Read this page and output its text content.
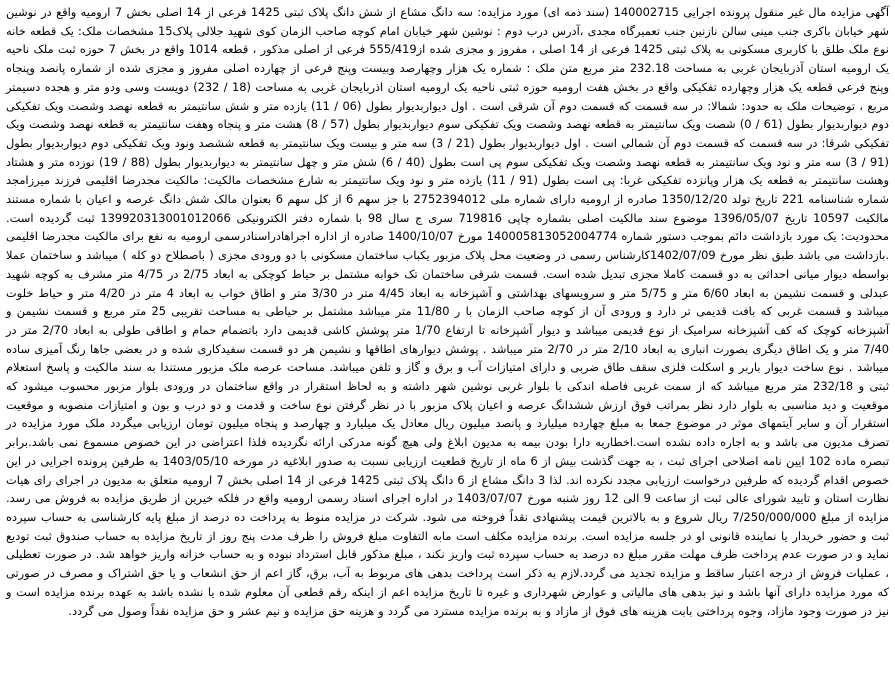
آگهی مزایده مال غیر منقول پرونده اجرایی 140002715 (سند ذمه ای) مورد مزایده: سه دانگ مشاع از شش دانگ پلاک ثبتی 1425 فرعی از 14 اصلی بخش 7 ارومیه واقع در نوشین شهر خیابان باکری جنب مینی سالن نازنین جنب تعمیرگاه مجدی ،آدرس درب دوم : نوشین شهر خیابان امام کوچه صاحب الزمان کوی شهید جلالی پلاک15 مشخصات ملک: یک قطعه خانه نوع ملک طلق با کاربری مسکونی به پلاک ثبتی 1425 فرعی از 14 اصلی ، مفروز و مجزی شده از555/419 فرعی از اصلی مذکور ، قطعه 1014 واقع در بخش 7 حوزه ثبت ملک ناحیه یک ارومیه استان آذربایجان غربی به مساحت 232.18 متر مربع متن ملک : شماره یک هزار وچهارصد وبیست وپنج فرعی از چهارده اصلی مفروز و مجزی شده از شماره پانصد وپنجاه وپنج فرعی قطعه یک هزار وچهارده تفکیکی واقع در بخش هفت ارومیه حوزه ثبتی ناحیه یک ارومیه استان اذربایجان غربی به مساحت (18 / 232) دویست وسی ودو متر و هجده دسیمتر مربع ، توضیحات ملک به حدود: شمالا: در سه قسمت که قسمت دوم آن شرقی است . اول دیواربدیوار بطول (06 / 11) یازده متر و شش سانتیمتر به قطعه نهصد وشصت ویک تفکیکی دوم دیواربدیوار بطول (61 / 0) شصت ویک سانتیمتر به قطعه نهصد وشصت ویک تفکیکی سوم دیواربدیوار بطول (57 / 8) هشت متر و پنجاه وهفت سانتیمتر به قطعه نهصد وشصت ویک تفکیکی شرقا: در سه قسمت که قسمت دوم آن شمالی است . اول دیواربدیوار بطول (21 / 3) سه متر و بیست ویک سانتیمتر به قطعه ششصد ونود ویک تفکیکی دوم دیواربدیوار بطول (91 / 3) سه متر و نود ویک سانتیمتر به قطعه نهصد وشصت ویک تفکیکی سوم پی است بطول (40 / 6) شش متر و چهل سانتیمتر به دیواربدیوار بطول (88 / 19) نوزده متر و هشتاد وهشت سانتیمتر به قطعه یک هزار وپانزده تفکیکی غربا: پی است بطول (91 / 11) یازده متر و نود ویک سانتیمتر به شارع مشخصات مالکیت: مالکیت مجدرضا اقلیمی فرزند میرزامجد شماره شناسنامه 221 تاریخ تولد 1350/12/20 صادره از ارومیه دارای شماره ملی 2752394012 با جز سهم 6 از کل سهم 6 بعنوان مالک شش دانگ عرصه و اعیان با شماره مستند مالکیت 10597 تاریخ 1396/05/07 موضوع سند مالکیت اصلی بشماره چاپی 719816 سری ج سال 98 با شماره دفتر الکترونیکی 139920313001012066 ثبت گردیده است. محدودیت: یک مورد بازداشت دائم بموجب دستور شماره 140005813052004774 مورخ 1400/10/07 صادره از اداره اجراهادراسنادرسمی ارومیه به نفع برای مالکیت مجدرضا اقلیمی .بازداشت می باشد طبق نظر مورخ 1402/07/09کارشناس رسمی در وضعیت محل پلاک مزبور یکباب ساختمان مسکونی با دو ورودی مجزی ( باصطلاح دو کله ) میباشد و ساختمان عملا بواسطه دیوار میانی احداثی به دو قسمت کاملا مجزی تبدیل شده است. قسمت شرقی ساختمان تک خوابه مشتمل بر حیاط کوچکی به ابعاد 2/75 در 4/75 متر مشرف به کوچه شهید عبدلی و قسمت نشیمن به ابعاد 6/60 متر و 5/75 متر و سرویسهای بهداشتی و آشپزخانه به ابعاد 4/45 متر در 3/30 متر و اطاق خواب به ابعاد 4 متر در 4/20 متر و حیاط خلوت میباشد و قسمت غربی که بافت قدیمی تر دارد و ورودی آن از کوچه صاحب الزمان با ر 11/80 متر میباشد مشتمل بر حیاطی به مساحت تقریبی 25 متر مربع و قسمت نشیمن و آشپزخانه کوچک که کف آشپزخانه سرامیک از نوع قدیمی میباشد و دیوار آشپزخانه تا ارتفاع 1/70 متر پوشش کاشی قدیمی دارد باتضمام حمام و اطاقی طولی به ابعاد 2/70 متر در 7/40 متر و یک اطاق دیگری بصورت انباری به ابعاد 2/10 متر در 2/70 متر میباشد . پوشش دیوارهای اطاقها و نشیمن هر دو قسمت سفیدکاری شده و در بعضی جاها رنگ آمیزی ساده میباشد . نوع ساخت دیوار باربر و اسکلت فلزی سقف طاق ضربی و دارای امتیازات آب و برق و گاز و تلفن میباشد. مساحت عرصه ملک مزبور مستندا به سند مالکیت و پاسخ استعلام ثبتی و 232/18 متر مربع میباشد که از سمت غربی فاصله اندکی با بلوار غربی نوشین شهر داشته و به لحاظ استقرار در واقع ساختمان در ورودی بلوار مزبور محسوب میشود که موقعیت و دید مناسبی به بلوار دارد نظر بمراتب فوق ارزش ششدانگ عرصه و اعیان پلاک مزبور با در نظر گرفتن نوع ساخت و قدمت و دو درب و بون و امتیازات منصوبه و موقعیت استقرار آن و سایر آیتمهای موثر در موضوع جمعا به مبلغ چهارده میلیارد و پانصد میلیون ریال معادل یک میلیارد و چهارصد و پنجاه میلیون تومان ارزیابی میگردد ملک مورد مزایده در تصرف مدیون می باشد و به اجاره داده نشده است.اخطاریه دارا بودن بیمه به مدیون ابلاغ ولی هیچ گونه مدرکی ارائه نگردیده فلذا اعتراضی در این خصوص مسموع نمی باشد.برابر تبصره ماده 102 ایین نامه اصلاحی اجرای ثبت ، به جهت گذشت بیش از 6 ماه از تاریخ قطعیت ارزیابی نسبت به صدور ابلاغیه در مورخه 1403/05/10 به طرفین پرونده اجرایی در این خصوص اقدام گردیده که طرفین درخواست ارزیابی مجدد نکرده اند. لذا 3 دانگ مشاع از 6 دانگ پلاک ثبتی 1425 فرعی از 14 اصلی بخش 7 ارومیه متعلق به مدیون در اجرای رای هیات نظارت استان و تایید شورای عالی ثبت از ساعت 9 الی 12 روز شنبه مورخ 1403/07/07 در اداره اجرای اسناد رسمی ارومیه واقع در فلکه خیرین از طریق مزایده به فروش می رسد. مزایده از مبلغ 7/250/000/000 ریال شروع و به بالاترین قیمت پیشنهادی نقداً فروخته می شود. شرکت در مزایده منوط به پرداخت ده درصد از مبلغ پایه کارشناسی به حساب سپرده ثبت و حضور خریدار یا نماینده قانونی او در جلسه مزایده است. برنده مزایده مکلف است مابه التفاوت مبلغ فروش را ظرف مدت پنج روز از تاریخ مزایده به حساب صندوق ثبت تودیع نماید و در صورت عدم پرداخت ظرف مهلت مقرر مبلغ ده درصد به حساب سپرده ثبت واریز نکند ، مبلغ مذکور قابل استرداد نبوده و به حساب خزانه واریز خواهد شد. در صورت تعطیلی ، عملیات فروش از درجه اعتبار ساقط و مزایده تجدید می گردد.لازم به ذکر است پرداخت بدهی های مربوط به آب، برق، گاز اعم از حق انشعاب و یا حق اشتراک و مصرف در صورتی که مورد مزایده دارای آنها باشد و نیز بدهی های مالیاتی و عوارض شهرداری و غیره تا تاریخ مزایده اعم از اینکه رقم قطعی آن معلوم شده یا نشده باشد به عهده برنده مزایده است و نیز در صورت وجود مازاد، وجوه پرداختی بابت هزینه های فوق از مازاد و به برنده مزایده مسترد می گردد و هزینه حق مزایده و نیم عشر و حق مزایده نقداً وصول می گردد.
